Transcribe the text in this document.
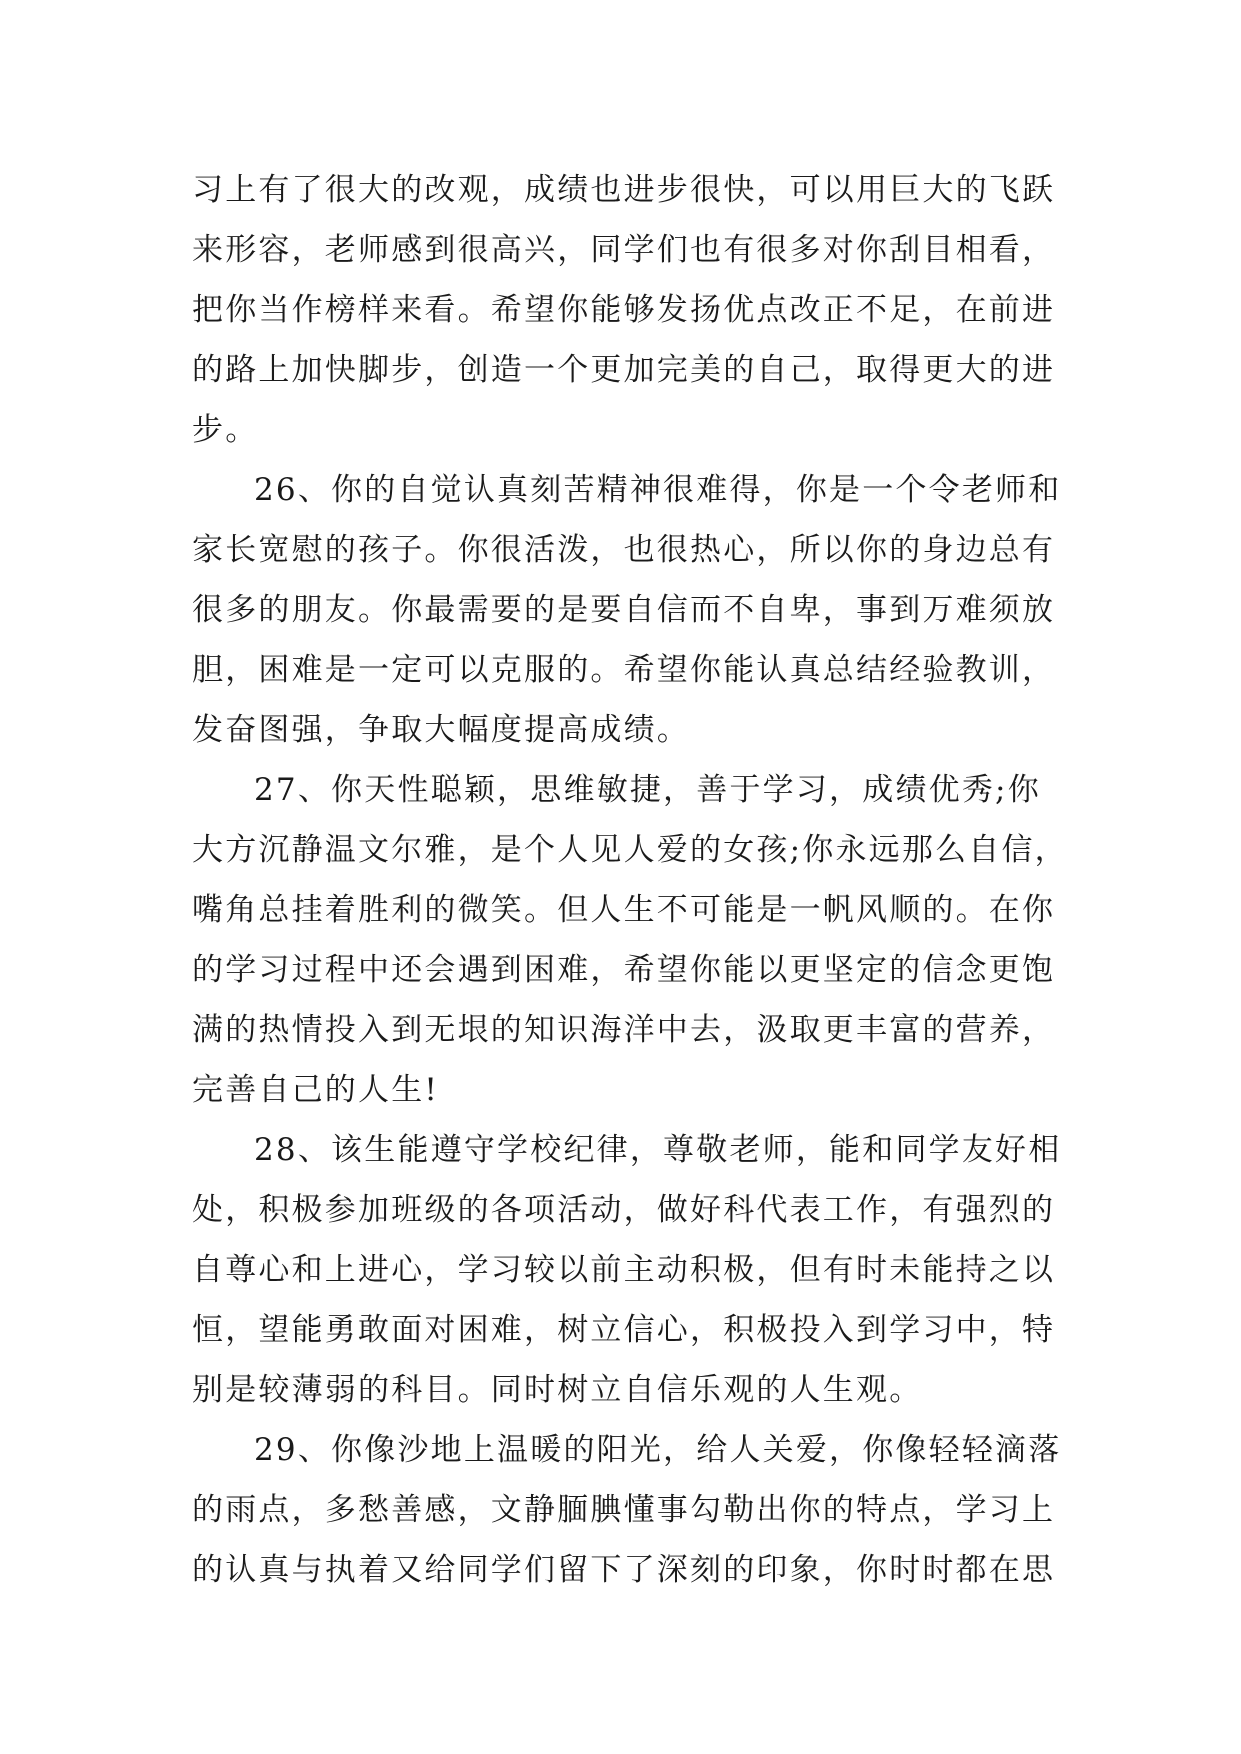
习上有了很大的改观，成绩也进步很快，可以用巨大的飞跃
来形容，老师感到很高兴，同学们也有很多对你刮目相看，
把你当作榜样来看。希望你能够发扬优点改正不足，在前进
的路上加快脚步，创造一个更加完美的自己，取得更大的进
步。
26、你的自觉认真刻苦精神很难得，你是一个令老师和
家长宽慰的孩子。你很活泼，也很热心，所以你的身边总有
很多的朋友。你最需要的是要自信而不自卑，事到万难须放
胆，困难是一定可以克服的。希望你能认真总结经验教训，
发奋图强，争取大幅度提高成绩。
27、你天性聪颖，思维敏捷，善于学习，成绩优秀;你
大方沉静温文尔雅，是个人见人爱的女孩;你永远那么自信，
嘴角总挂着胜利的微笑。但人生不可能是一帆风顺的。在你
的学习过程中还会遇到困难，希望你能以更坚定的信念更饱
满的热情投入到无垠的知识海洋中去，汲取更丰富的营养，
完善自己的人生!
28、该生能遵守学校纪律，尊敬老师，能和同学友好相
处，积极参加班级的各项活动，做好科代表工作，有强烈的
自尊心和上进心，学习较以前主动积极，但有时未能持之以
恒，望能勇敢面对困难，树立信心，积极投入到学习中，特
别是较薄弱的科目。同时树立自信乐观的人生观。
29、你像沙地上温暖的阳光，给人关爱，你像轻轻滴落
的雨点，多愁善感，文静腼腆懂事勾勒出你的特点，学习上
的认真与执着又给同学们留下了深刻的印象，你时时都在思
